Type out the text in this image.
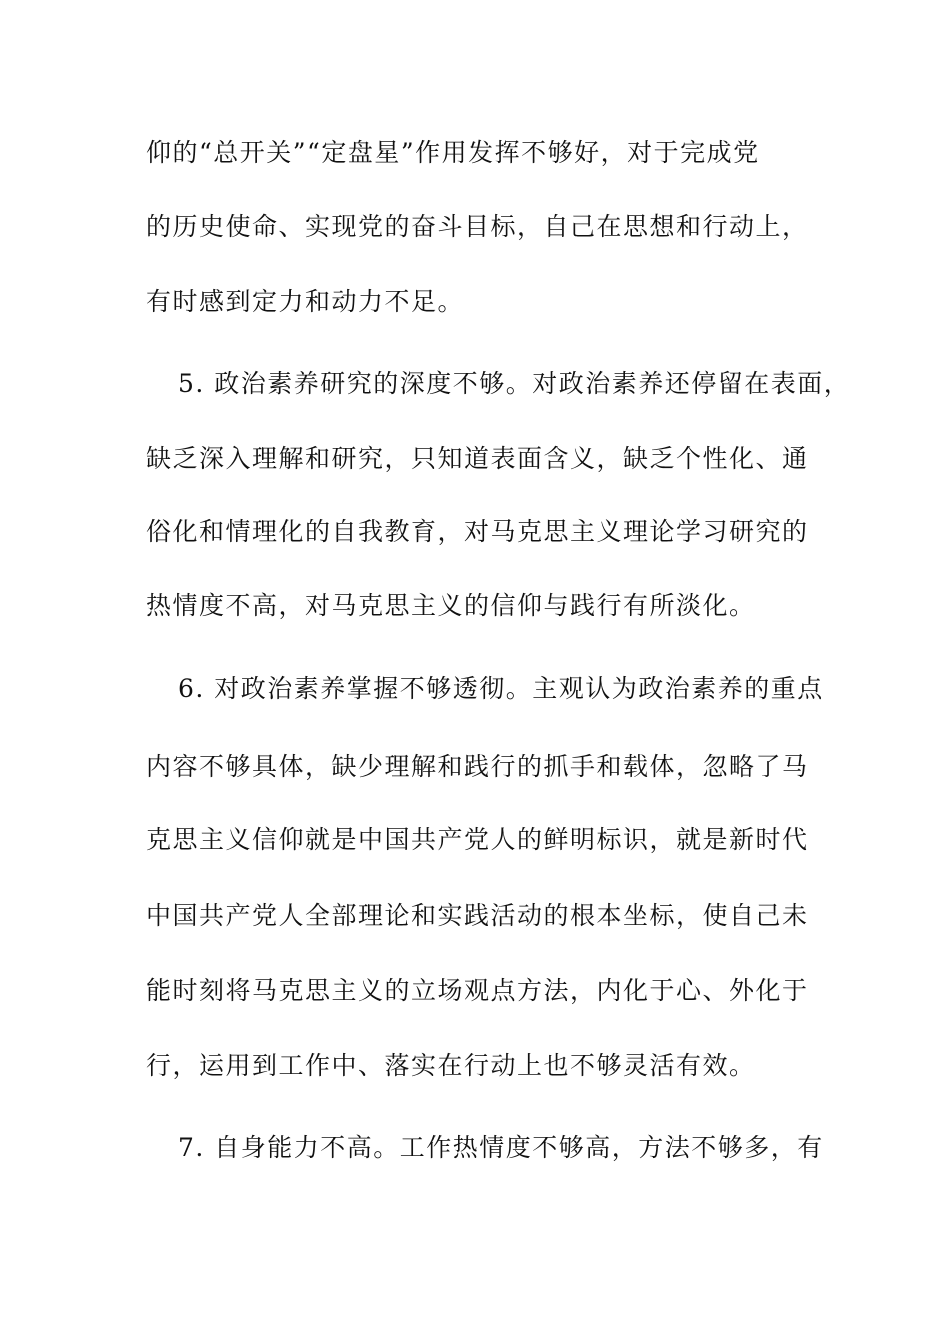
仰的“总开关”“定盘星”作用发挥不够好，对于完成党
的历史使命、实现党的奋斗目标，自己在思想和行动上，
有时感到定力和动力不足。
5. 政治素养研究的深度不够。对政治素养还停留在表面，
缺乏深入理解和研究，只知道表面含义，缺乏个性化、通
俗化和情理化的自我教育，对马克思主义理论学习研究的
热情度不高，对马克思主义的信仰与践行有所淡化。
6. 对政治素养掌握不够透彻。主观认为政治素养的重点
内容不够具体，缺少理解和践行的抓手和载体，忽略了马
克思主义信仰就是中国共产党人的鲜明标识，就是新时代
中国共产党人全部理论和实践活动的根本坐标，使自己未
能时刻将马克思主义的立场观点方法，内化于心、外化于
行，运用到工作中、落实在行动上也不够灵活有效。
7. 自身能力不高。工作热情度不够高，方法不够多，有
